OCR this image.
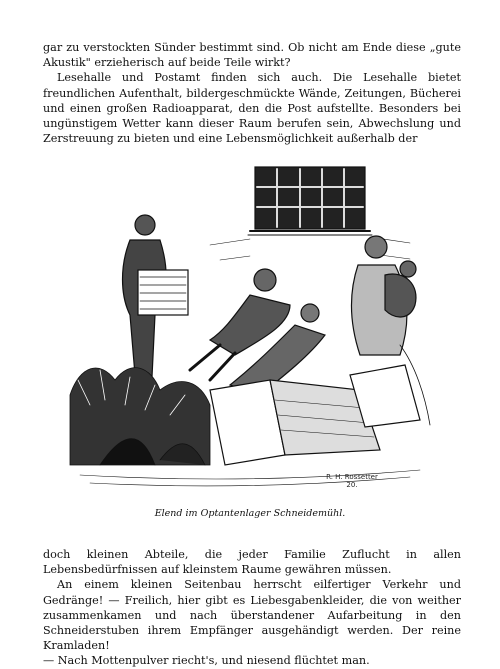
gar zu verstockten Sünder bestimmt sind. Ob nicht am Ende diese „gute Akustik" erzieherisch auf beide Teile wirkt?

Lesehalle und Postamt finden sich auch. Die Lesehalle bietet freundlichen Aufenthalt, bildergeschmückte Wände, Zeitungen, Bücherei und einen großen Radioapparat, den die Post aufstellte. Besonders bei ungünstigem Wetter kann dieser Raum berufen sein, Abwechslung und Zerstreuung zu bieten und eine Lebensmöglichkeit außerhalb der

R. H. Rossetter
20.
Elend im Optantenlager Schneidemühl.

doch kleinen Abteile, die jeder Familie Zuflucht in allen Lebensbedürfnissen auf kleinstem Raume gewähren müssen.

An einem kleinen Seitenbau herrscht eilfertiger Verkehr und Gedränge! — Freilich, hier gibt es Liebesgabenkleider, die von weither zusammenkamen und nach überstandener Aufarbeitung in den Schneiderstuben ihrem Empfänger ausgehändigt werden. Der reine Kramladen!

— Nach Mottenpulver riecht's, und niesend flüchtet man.
